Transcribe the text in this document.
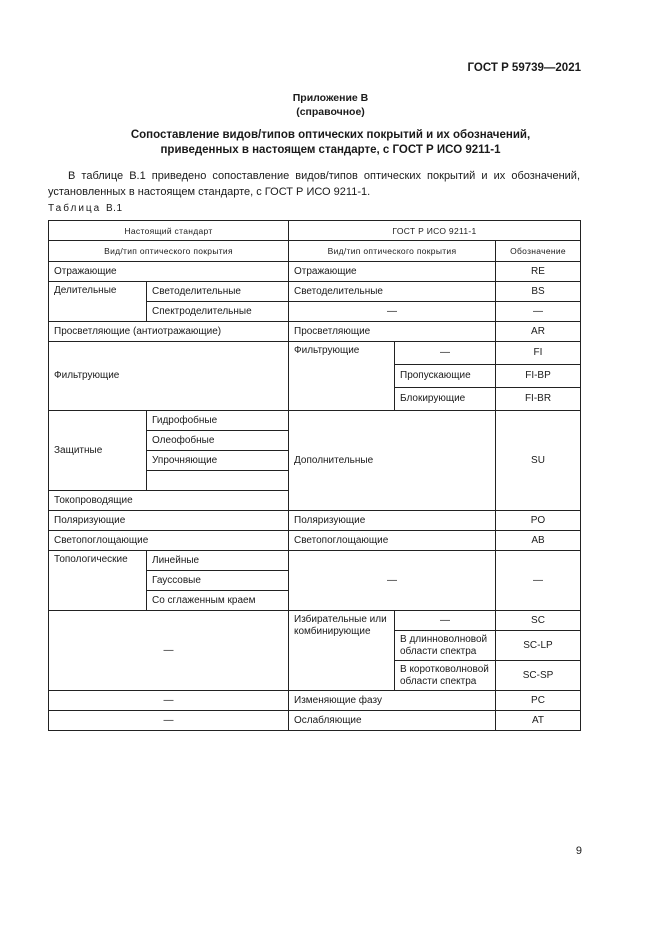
ГОСТ Р 59739—2021
Приложение В
(справочное)
Сопоставление видов/типов оптических покрытий и их обозначений,
приведенных в настоящем стандарте, с ГОСТ Р ИСО 9211-1
В таблице В.1 приведено сопоставление видов/типов оптических покрытий и их обозначений, установленных в настоящем стандарте, с ГОСТ Р ИСО 9211-1.
Таблица В.1
Настоящий стандарт		ГОСТ Р ИСО 9211-1		
Вид/тип оптического покрытия		Вид/тип оптического покрытия		Обозначение
Отражающие		Отражающие		RE
Делительные	Светоделительные	Светоделительные		BS
	Спектроделительные	—		—
Просветляющие (антиотражающие)		Просветляющие		AR
Фильтрующие		Фильтрующие	—	FI
			Пропускающие	FI-BP
			Блокирующие	FI-BR
Защитные	Гидрофобные	Дополнительные		SU
	Олеофобные			
	Упрочняющие			

Токопроводящие				
Поляризующие		Поляризующие		PO
Светопоглощающие		Светопоглощающие		AB
Топологические	Линейные	—		—
	Гауссовые			
	Со сглаженным краем			
—		Избирательные или комбинирующие	—	SC
			В длинноволновой области спектра	SC-LP
			В коротковолновой области спектра	SC-SP
—		Изменяющие фазу		PC
—		Ослабляющие		AT
9
